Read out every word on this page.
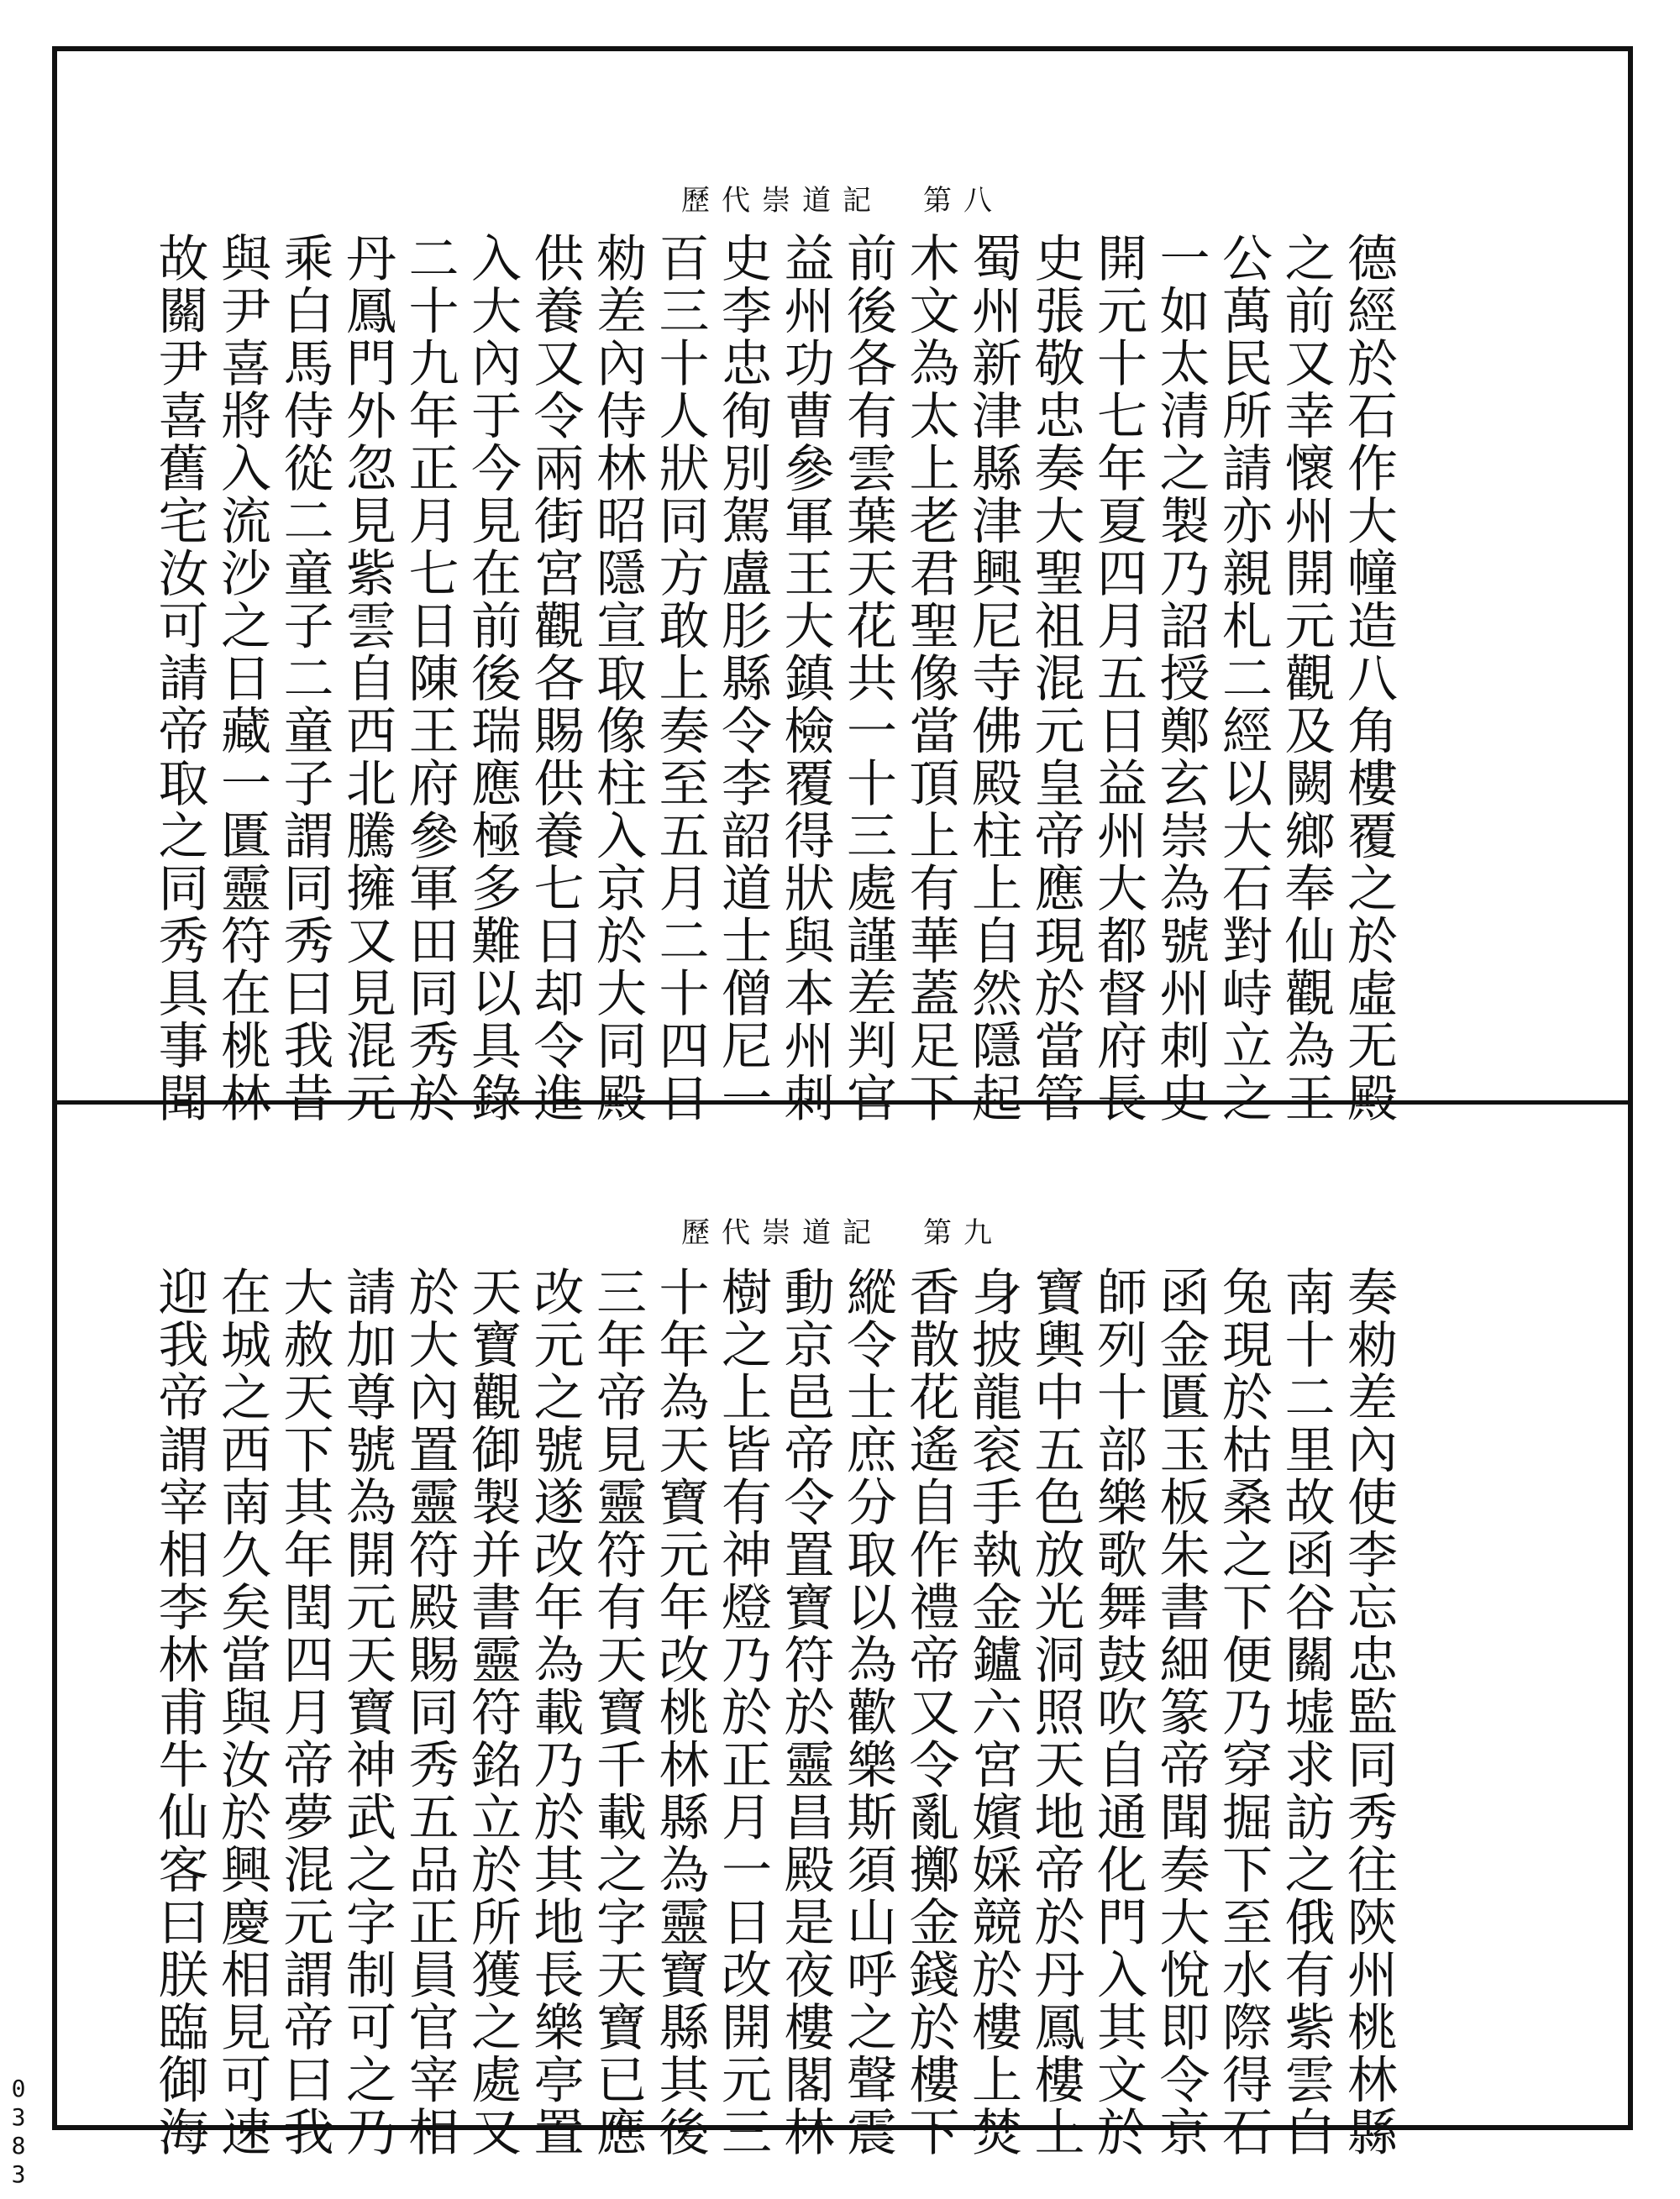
歷代崇道記　第八
德經於石作大幢造八角樓覆之於虛无殿
之前又幸懷州開元觀及闕鄉奉仙觀為王
公萬民所請亦親札二經以大石對峙立之
一如太清之製乃詔授鄭玄崇為號州刺史
開元十七年夏四月五日益州大都督府長
史張敬忠奏大聖祖混元皇帝應現於當管
蜀州新津縣津興尼寺佛殿柱上自然隱起
木文為太上老君聖像當頂上有華蓋足下
前後各有雲葉天花共一十三處謹差判官
益州功曹參軍王大鎮檢覆得狀與本州刺
史李忠徇別駕盧肜縣令李韶道士僧尼一
百三十人狀同方敢上奏至五月二十四日
勑差內侍林昭隱宣取像柱入京於大同殿
供養又令兩街宮觀各賜供養七日却令進
入大內于今見在前後瑞應極多難以具錄
二十九年正月七日陳王府參軍田同秀於
丹鳳門外忽見紫雲自西北騰擁又見混元
乘白馬侍從二童子二童子謂同秀曰我昔
與尹喜將入流沙之日藏一匱靈符在桃林
故關尹喜舊宅汝可請帝取之同秀具事聞
歷代崇道記　第九
奏勑差內使李忘忠監同秀往陝州桃林縣
南十二里故函谷關墟求訪之俄有紫雲白
兔現於枯桑之下便乃穿掘下至水際得石
函金匱玉板朱書細篆帝聞奏大悅即令京
師列十部樂歌舞鼓吹自通化門入其文於
寶輿中五色放光洞照天地帝於丹鳳樓上
身披龍衮手執金鑪六宮嬪婇競於樓上焚
香散花遙自作禮帝又令亂擲金錢於樓下
縱令士庶分取以為歡樂斯須山呼之聲震
動京邑帝令置寶符於靈昌殿是夜樓閣林
樹之上皆有神燈乃於正月一日改開元三
十年為天寶元年改桃林縣為靈寶縣其後
三年帝見靈符有天寶千載之字天寶已應
改元之號遂改年為載乃於其地長樂亭置
天寶觀御製并書靈符銘立於所獲之處又
於大內置靈符殿賜同秀五品正員官宰相
請加尊號為開元天寶神武之字制可之乃
大赦天下其年閏四月帝夢混元謂帝曰我
在城之西南久矣當與汝於興慶相見可速
迎我帝謂宰相李林甫牛仙客曰朕臨御海
0
3
8
3
